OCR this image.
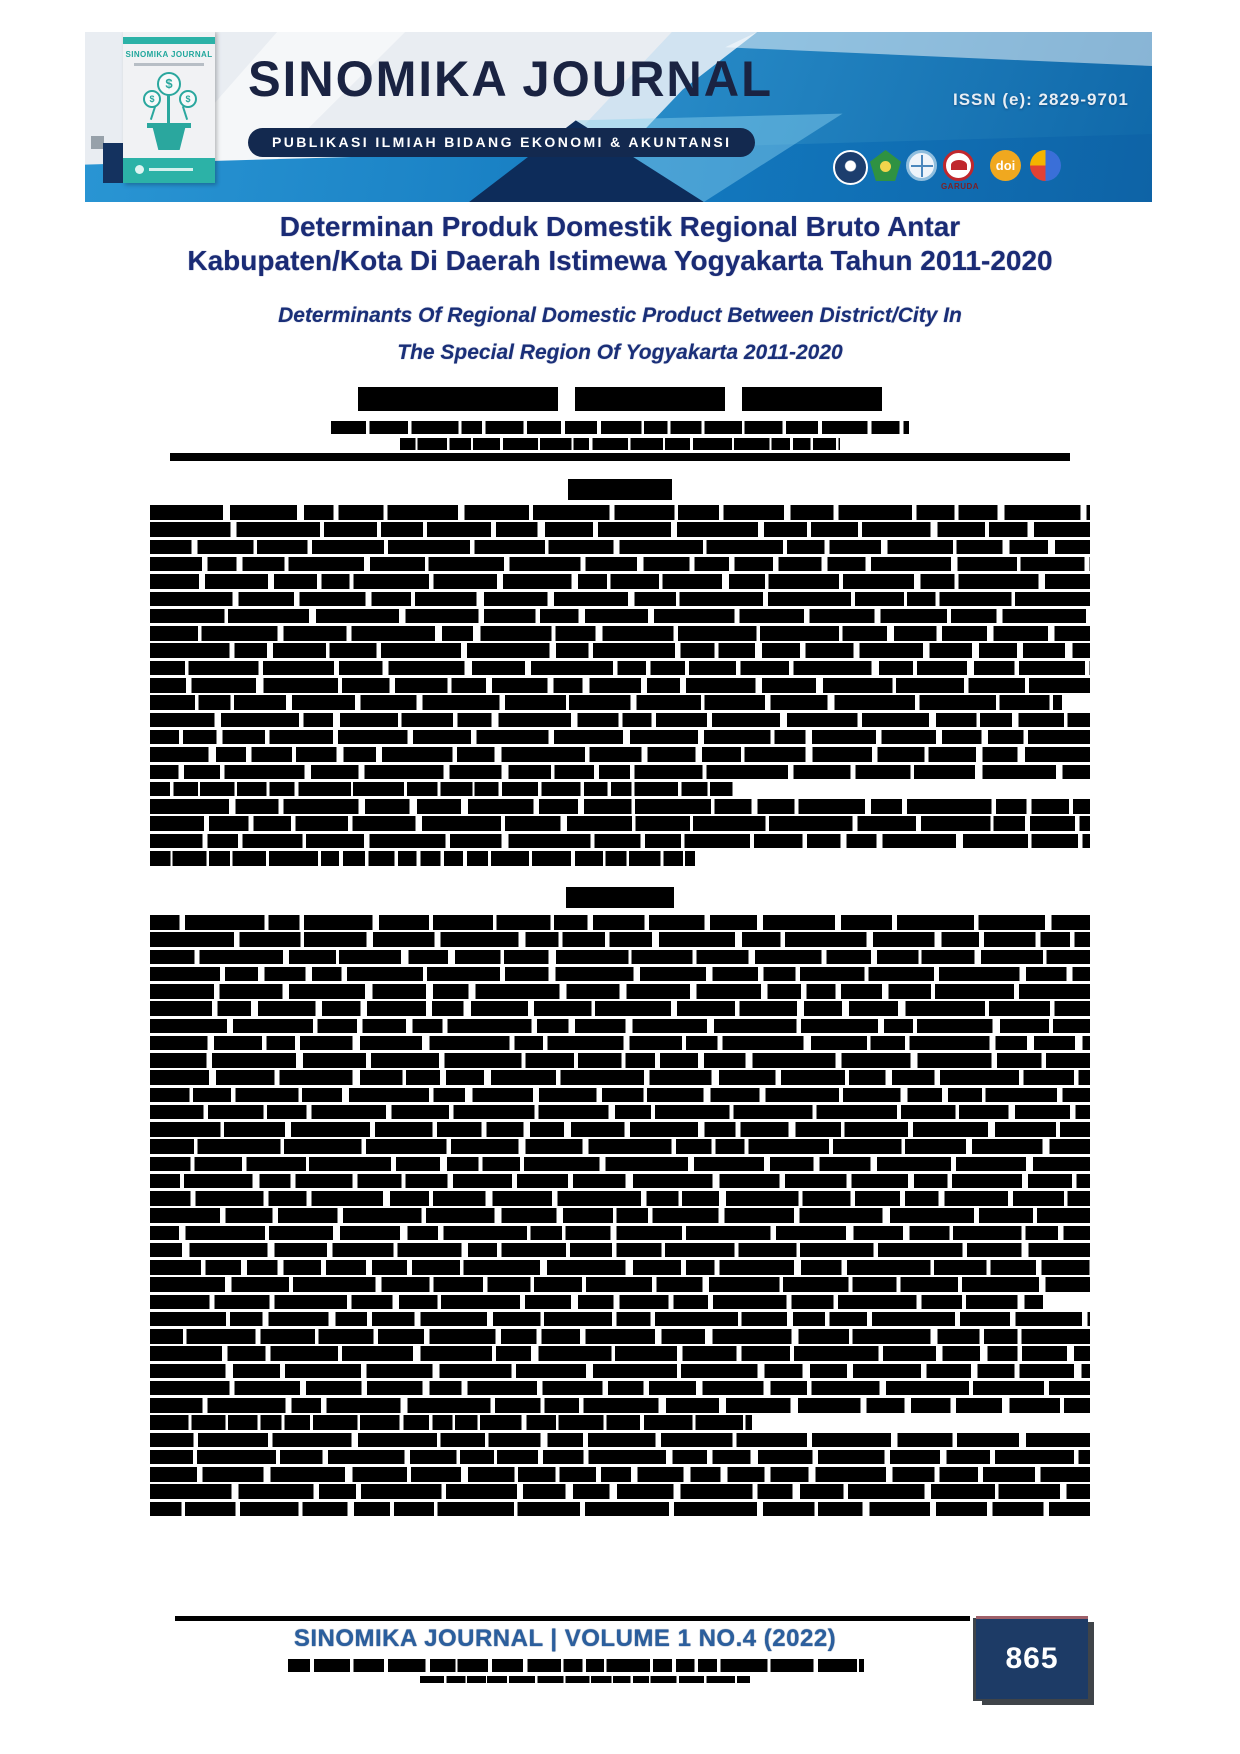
SINOMIKA JOURNAL
$
$	$ SINOMIKA JOURNAL
PUBLIKASI ILMIAH BIDANG EKONOMI & AKUNTANSI
ISSN (e): 2829-9701
GARUDA
doi
Determinan Produk Domestik Regional Bruto Antar
Kabupaten/Kota Di Daerah Istimewa Yogyakarta Tahun 2011-2020
Determinants Of Regional Domestic Product Between District/City In
The Special Region Of Yogyakarta 2011-2020
SINOMIKA JOURNAL | VOLUME 1 NO.4 (2022)
865
